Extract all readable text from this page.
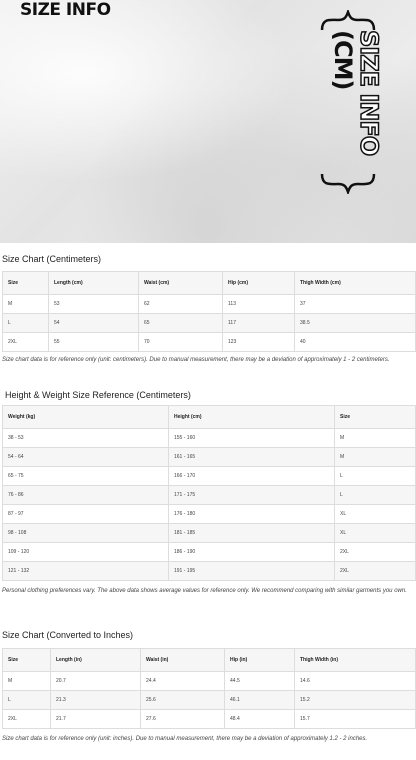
SIZE INFO
SIZE INFO (CM)
Size Chart (Centimeters)
Size	Length (cm)	Waist (cm)	Hip (cm)	Thigh Width (cm)
M	53	62	113	37
L	54	65	117	38.5
2XL	55	70	123	40
Size chart data is for reference only (unit: centimeters). Due to manual measurement, there may be a deviation of approximately 1 - 2 centimeters.
Height & Weight Size Reference (Centimeters)
Weight (kg)	Height (cm)	Size
38 - 53	155 - 160	M
54 - 64	161 - 165	M
65 - 75	166 - 170	L
76 - 86	171 - 175	L
87 - 97	176 - 180	XL
98 - 108	181 - 185	XL
109 - 120	186 - 190	2XL
121 - 132	191 - 195	2XL
Personal clothing preferences vary. The above data shows average values for reference only. We recommend comparing with similar garments you own.
Size Chart (Converted to Inches)
Size	Length (in)	Waist (in)	Hip (in)	Thigh Width (in)
M	20.7	24.4	44.5	14.6
L	21.3	25.6	46.1	15.2
2XL	21.7	27.6	48.4	15.7
Size chart data is for reference only (unit: inches). Due to manual measurement, there may be a deviation of approximately 1.2 - 2 inches.
